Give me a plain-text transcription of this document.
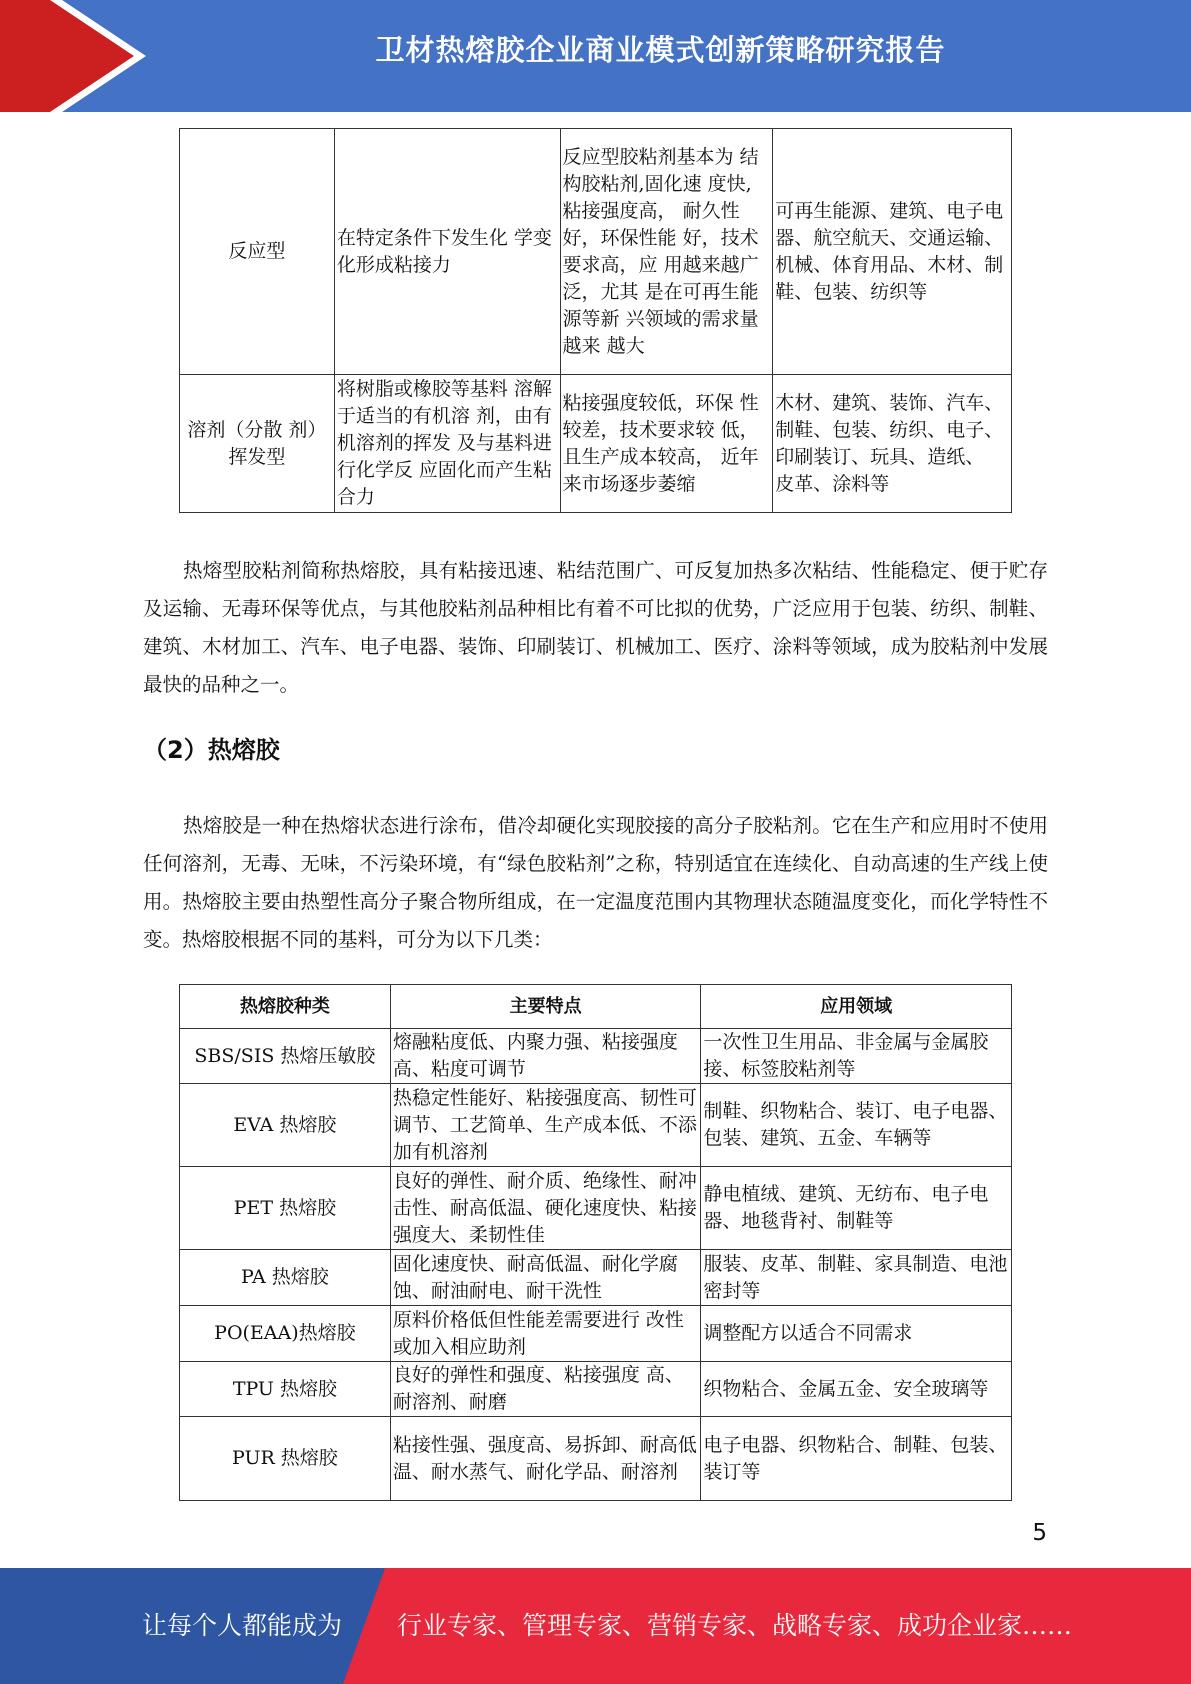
卫材热熔胶企业商业模式创新策略研究报告
反应型	在特定条件下发生化 学变化形成粘接力	反应型胶粘剂基本为 结构胶粘剂,固化速 度快,粘接强度高， 耐久性好，环保性能 好，技术要求高，应 用越来越广泛，尤其 是在可再生能源等新 兴领域的需求量越来 越大	可再生能源、建筑、电子电器、航空航天、交通运输、机械、体育用品、木材、制鞋、包装、纺织等
溶剂（分散 剂）挥发型	将树脂或橡胶等基料 溶解于适当的有机溶 剂，由有机溶剂的挥发 及与基料进行化学反 应固化而产生粘合力	粘接强度较低，环保 性较差，技术要求较 低，且生产成本较高， 近年来市场逐步萎缩	木材、建筑、装饰、汽车、 制鞋、包装、纺织、电子、 印刷装订、玩具、造纸、 皮革、涂料等

热熔型胶粘剂简称热熔胶，具有粘接迅速、粘结范围广、可反复加热多次粘结、性能稳定、便于贮存及运输、无毒环保等优点，与其他胶粘剂品种相比有着不可比拟的优势，广泛应用于包装、纺织、制鞋、建筑、木材加工、汽车、电子电器、装饰、印刷装订、机械加工、医疗、涂料等领域，成为胶粘剂中发展最快的品种之一。

（2）热熔胶

热熔胶是一种在热熔状态进行涂布，借冷却硬化实现胶接的高分子胶粘剂。它在生产和应用时不使用任何溶剂，无毒、无味，不污染环境，有“绿色胶粘剂”之称，特别适宜在连续化、自动高速的生产线上使用。热熔胶主要由热塑性高分子聚合物所组成，在一定温度范围内其物理状态随温度变化，而化学特性不变。热熔胶根据不同的基料，可分为以下几类：

热熔胶种类	主要特点	应用领域
SBS/SIS 热熔压敏胶	熔融粘度低、内聚力强、粘接强度高、粘度可调节	一次性卫生用品、非金属与金属胶接、标签胶粘剂等
EVA 热熔胶	热稳定性能好、粘接强度高、韧性可调节、工艺简单、生产成本低、不添加有机溶剂	制鞋、织物粘合、装订、电子电器、包装、建筑、五金、车辆等
PET 热熔胶	良好的弹性、耐介质、绝缘性、耐冲击性、耐高低温、硬化速度快、粘接强度大、柔韧性佳	静电植绒、建筑、无纺布、电子电器、地毯背衬、制鞋等
PA 热熔胶	固化速度快、耐高低温、耐化学腐蚀、耐油耐电、耐干洗性	服装、皮革、制鞋、家具制造、电池密封等
PO(EAA)热熔胶	原料价格低但性能差需要进行 改性或加入相应助剂	调整配方以适合不同需求
TPU 热熔胶	良好的弹性和强度、粘接强度 高、耐溶剂、耐磨	织物粘合、金属五金、安全玻璃等
PUR 热熔胶	粘接性强、强度高、易拆卸、耐高低温、耐水蒸气、耐化学品、耐溶剂	电子电器、织物粘合、制鞋、包装、装订等
5
让每个人都能成为 行业专家、管理专家、营销专家、战略专家、成功企业家……
